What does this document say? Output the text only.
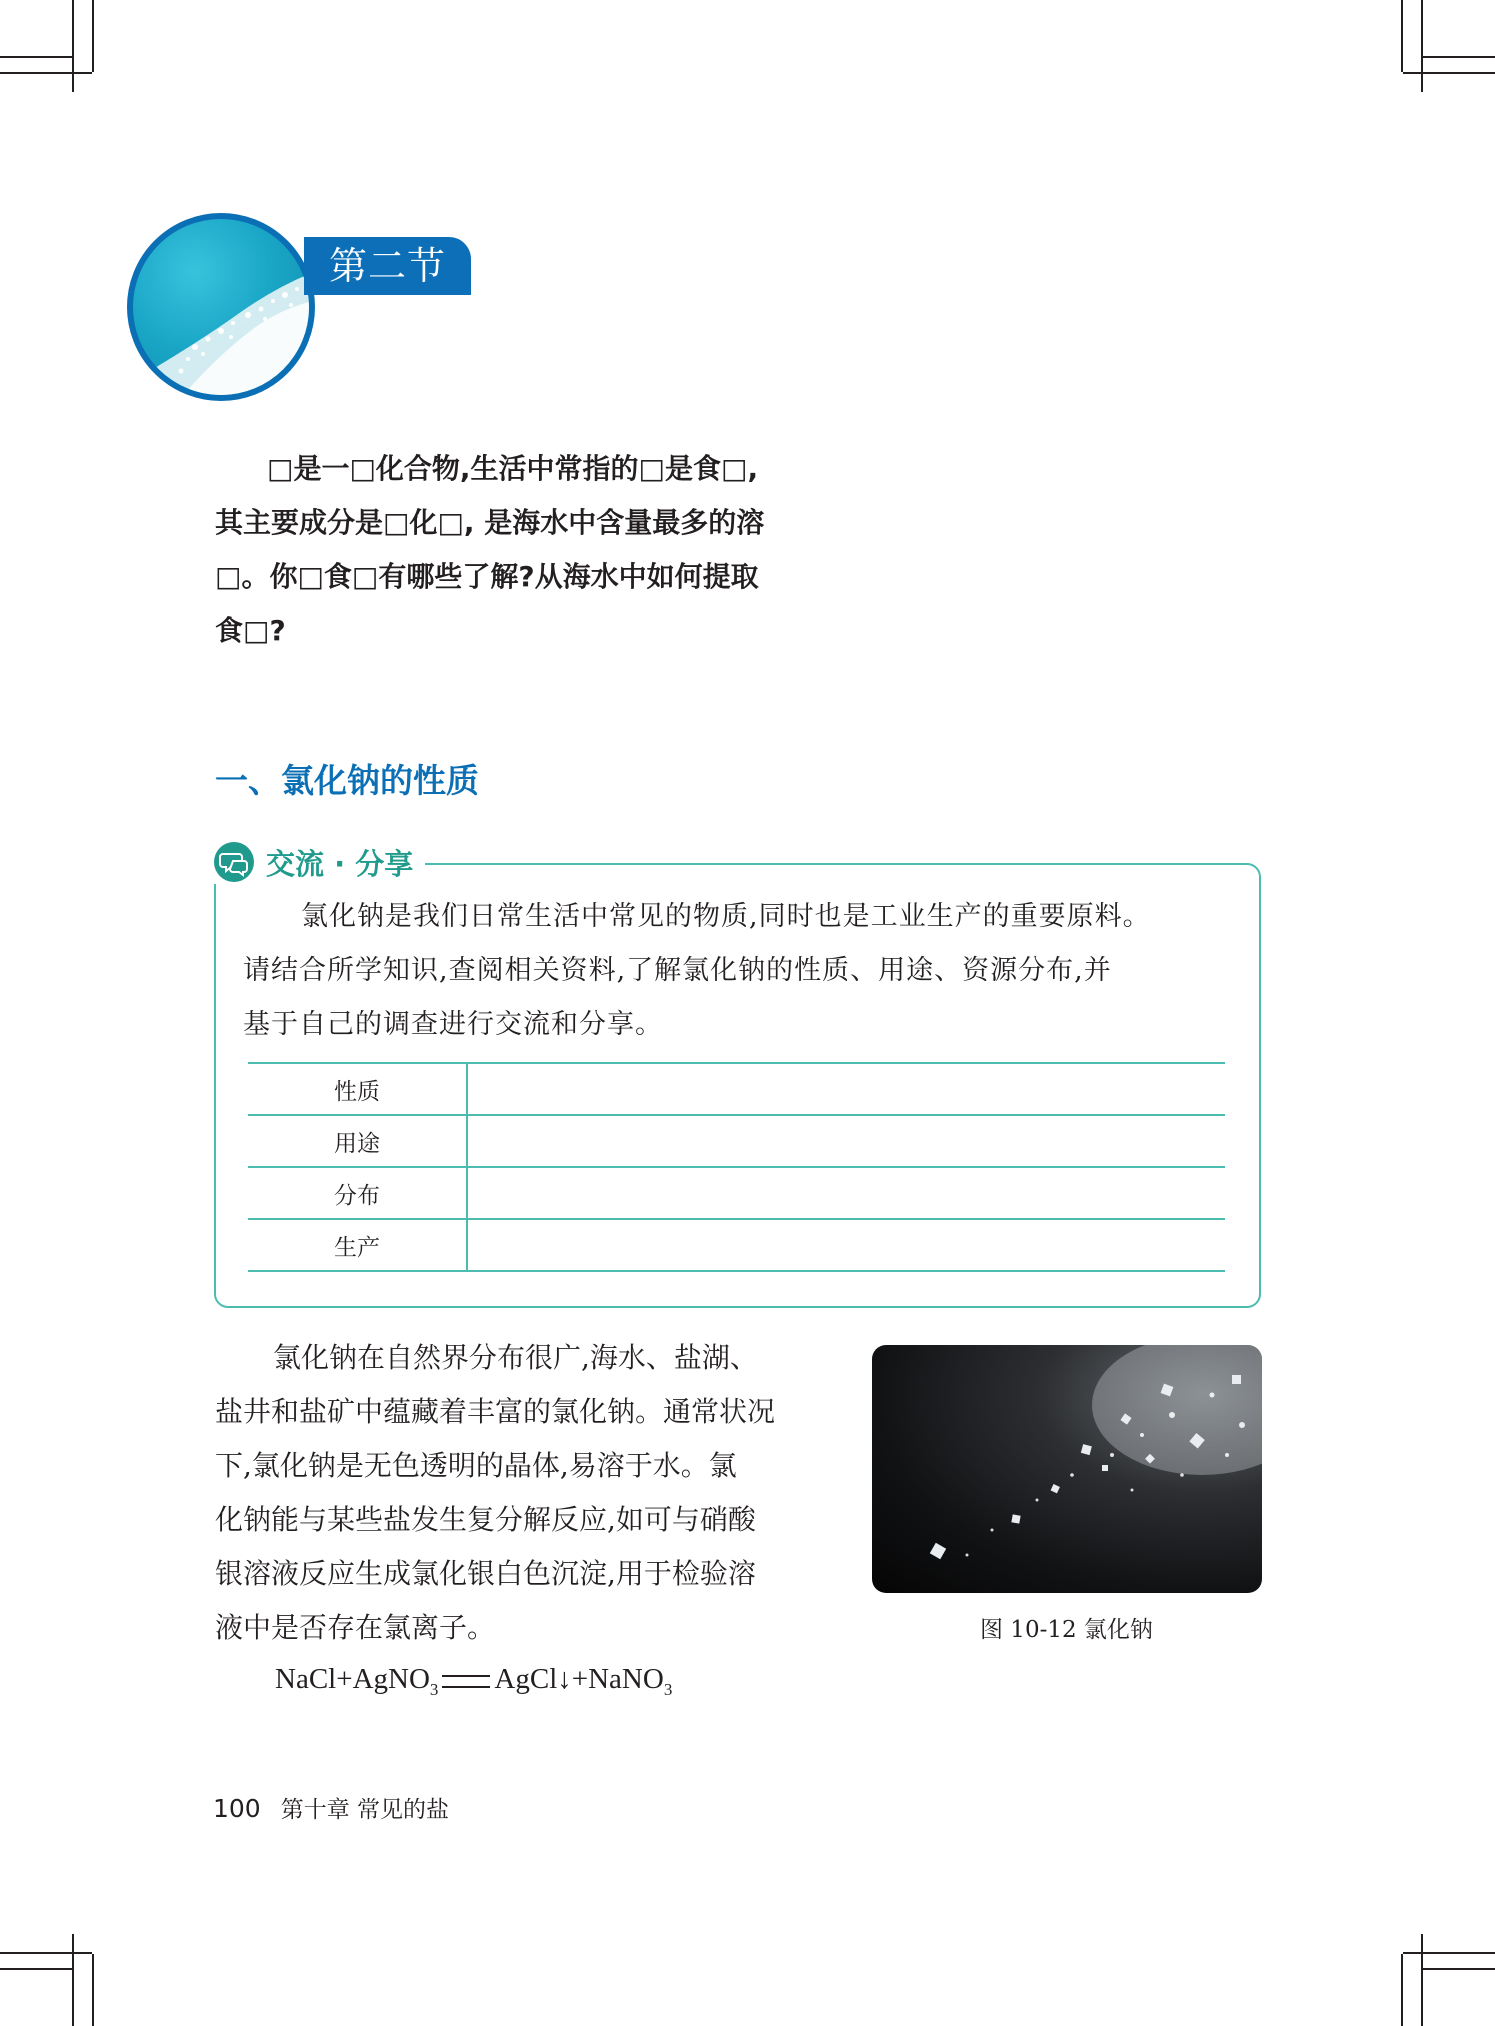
第二节

□是一□化合物,生活中常指的□是食□,

其主要成分是□化□, 是海水中含量最多的溶

□。你□食□有哪些了解?从海水中如何提取

食□?

一、氯化钠的性质
交流 · 分享

氯化钠是我们日常生活中常见的物质,同时也是工业生产的重要原料。

请结合所学知识,查阅相关资料,了解氯化钠的性质、用途、资源分布,并

基于自己的调查进行交流和分享。

性质	
用途	
分布	
生产	

氯化钠在自然界分布很广,海水、盐湖、

盐井和盐矿中蕴藏着丰富的氯化钠。通常状况

下,氯化钠是无色透明的晶体,易溶于水。氯

化钠能与某些盐发生复分解反应,如可与硝酸

银溶液反应生成氯化银白色沉淀,用于检验溶

液中是否存在氯离子。

NaCl+AgNO$_3$ AgCl↓+NaNO$_3$

图 10-12 氯化钠

100 第十章 常见的盐
